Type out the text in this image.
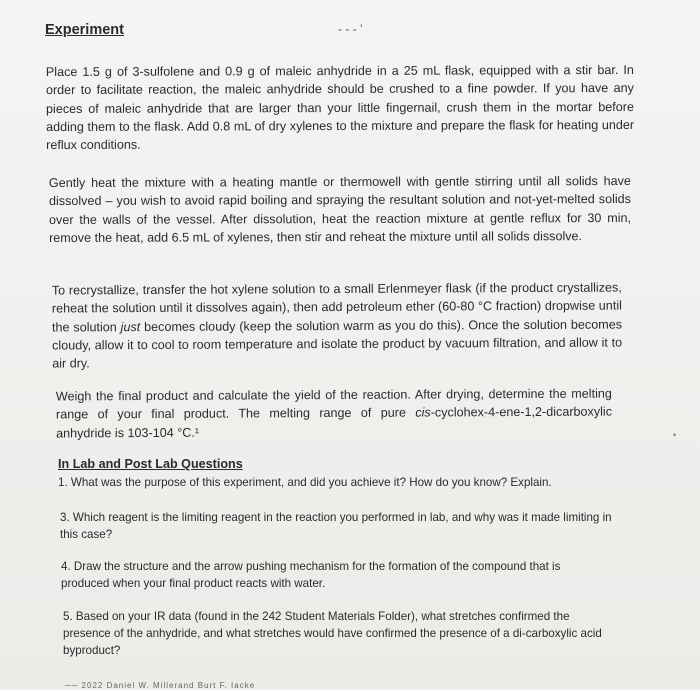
Experiment	- - - ’

Place 1.5 g of 3-sulfolene and 0.9 g of maleic anhydride in a 25 mL flask, equipped with a stir bar. In order to facilitate reaction, the maleic anhydride should be crushed to a fine powder. If you have any pieces of maleic anhydride that are larger than your little fingernail, crush them in the mortar before adding them to the flask. Add 0.8 mL of dry xylenes to the mixture and prepare the flask for heating under reflux conditions.

Gently heat the mixture with a heating mantle or thermowell with gentle stirring until all solids have dissolved – you wish to avoid rapid boiling and spraying the resultant solution and not-yet-melted solids over the walls of the vessel. After dissolution, heat the reaction mixture at gentle reflux for 30 min, remove the heat, add 6.5 mL of xylenes, then stir and reheat the mixture until all solids dissolve.

To recrystallize, transfer the hot xylene solution to a small Erlenmeyer flask (if the product crystallizes, reheat the solution until it dissolves again), then add petroleum ether (60-80 °C fraction) dropwise until the solution just becomes cloudy (keep the solution warm as you do this). Once the solution becomes cloudy, allow it to cool to room temperature and isolate the product by vacuum filtration, and allow it to air dry.

Weigh the final product and calculate the yield of the reaction. After drying, determine the melting range of your final product. The melting range of pure cis-cyclohex-4-ene-1,2-dicarboxylic anhydride is 103-104 °C.¹	•
In Lab and Post Lab Questions

1. What was the purpose of this experiment, and did you achieve it? How do you know? Explain.

3. Which reagent is the limiting reagent in the reaction you performed in lab, and why was it made limiting in this case?

4. Draw the structure and the arrow pushing mechanism for the formation of the compound that is produced when your final product reacts with water.

5. Based on your IR data (found in the 242 Student Materials Folder), what stretches confirmed the presence of the anhydride, and what stretches would have confirmed the presence of a di-carboxylic acid byproduct?

── 2022 Daniel W. Millerand Burt F. Iacke
